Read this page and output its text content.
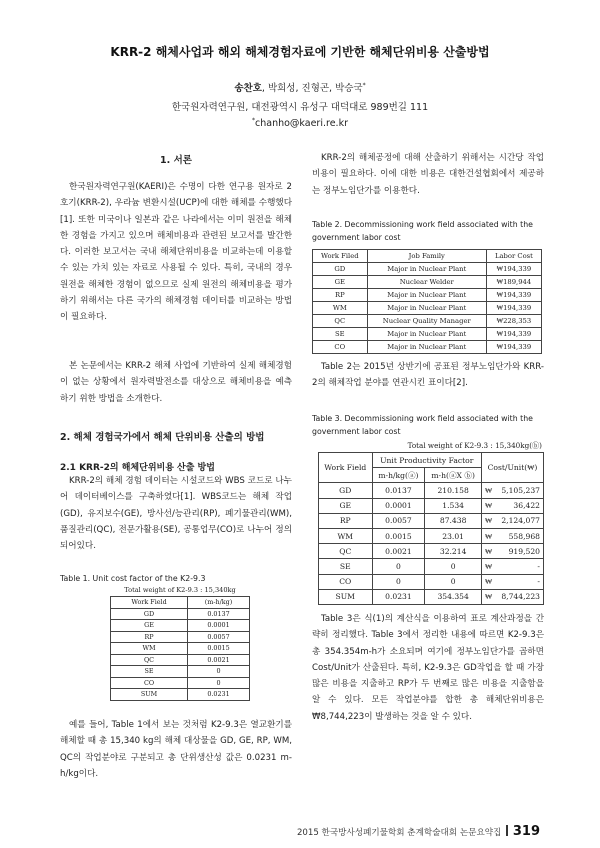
KRR-2 해체사업과 해외 해체경험자료에 기반한 해체단위비용 산출방법
송찬호, 박희성, 진형곤, 박승국*
한국원자력연구원, 대전광역시 유성구 대덕대로 989번길 111
*chanho@kaeri.re.kr
1. 서론

한국원자력연구원(KAERI)은 수명이 다한 연구용 원자로 2호기(KRR-2), 우라늄 변환시설(UCP)에 대한 해체를 수행했다[1]. 또한 미국이나 일본과 같은 나라에서는 이미 원전을 해체한 경험을 가지고 있으며 해체비용과 관련된 보고서를 발간한다. 이러한 보고서는 국내 해체단위비용을 비교하는데 이용할 수 있는 가치 있는 자료로 사용될 수 있다. 특히, 국내의 경우 원전을 해체한 경험이 없으므로 실제 원전의 해체비용을 평가하기 위해서는 다른 국가의 해체경험 데이터를 비교하는 방법이 필요하다.

본 논문에서는 KRR-2 해체 사업에 기반하여 실제 해체경험이 없는 상황에서 원자력발전소를 대상으로 해체비용을 예측하기 위한 방법을 소개한다.

2. 해체 경험국가에서 해체 단위비용 산출의 방법
2.1 KRR-2의 해체단위비용 산출 방법

KRR-2의 해체 경험 데이터는 시설코드와 WBS 코드로 나누어 데이터베이스를 구축하였다[1]. WBS코드는 해체 작업(GD), 유지보수(GE), 방사선/능관리(RP), 폐기물관리(WM), 품질관리(QC), 전문가활용(SE), 공통업무(CO)로 나누어 정의되어있다.

Table 1. Unit cost factor of the K2-9.3
Total weight of K2-9.3 : 15,340kg
Work Field	(m-h/kg)
GD	0.0137
GE	0.0001
RP	0.0057
WM	0.0015
QC	0.0021
SE	0
CO	0
SUM	0.0231

예를 들어, Table 1에서 보는 것처럼 K2-9.3은 열교환기를 해체할 때 총 15,340 kg의 해체 대상물을 GD, GE, RP, WM, QC의 작업분야로 구분되고 총 단위생산성 값은 0.0231 m-h/kg이다.

KRR-2의 해체공정에 대해 산출하기 위해서는 시간당 작업비용이 필요하다. 이에 대한 비용은 대한건설협회에서 제공하는 정부노임단가를 이용한다.

Table 2. Decommissioning work field associated with the government labor cost
Work Filed	Job Family	Labor Cost
GD	Major in Nuclear Plant	₩194,339
GE	Nuclear Welder	₩189,944
RP	Major in Nuclear Plant	₩194,339
WM	Major in Nuclear Plant	₩194,339
QC	Nuclear Quality Manager	₩228,353
SE	Major in Nuclear Plant	₩194,339
CO	Major in Nuclear Plant	₩194,339

Table 2는 2015년 상반기에 공표된 정부노임단가와 KRR-2의 해체작업 분야를 연관시킨 표이다[2].

Table 3. Decommissioning work field associated with the government labor cost
Total weight of K2-9.3 : 15,340kg(ⓑ)
Work Field	Unit Productivity Factor		Cost/Unit(₩)
	m-h/kg(ⓐ)	m-h(ⓐX ⓑ)	
GD	0.0137	210.158	₩ 5,105,237

GE	0.0001	1.534	₩ 36,422

RP	0.0057	87.438	₩ 2,124,077

WM	0.0015	23.01	₩ 558,968

QC	0.0021	32.214	₩ 919,520

SE	0	0	₩ -

CO	0	0	₩ -

SUM	0.0231	354.354	₩ 8,744,223

Table 3은 식(1)의 계산식을 이용하여 표로 계산과정을 간략히 정리했다. Table 3에서 정리한 내용에 따르면 K2-9.3은 총 354.354m-h가 소요되며 여기에 정부노임단가를 곱하면 Cost/Unit가 산출된다. 특히, K2-9.3은 GD작업을 할 때 가장 많은 비용을 지출하고 RP가 두 번째로 많은 비용을 지출함을 알 수 있다. 모든 작업분야를 합한 총 해체단위비용은 ₩8,744,223이 발생하는 것을 알 수 있다.

2015 한국방사성폐기물학회 춘계학술대회 논문요약집 319
